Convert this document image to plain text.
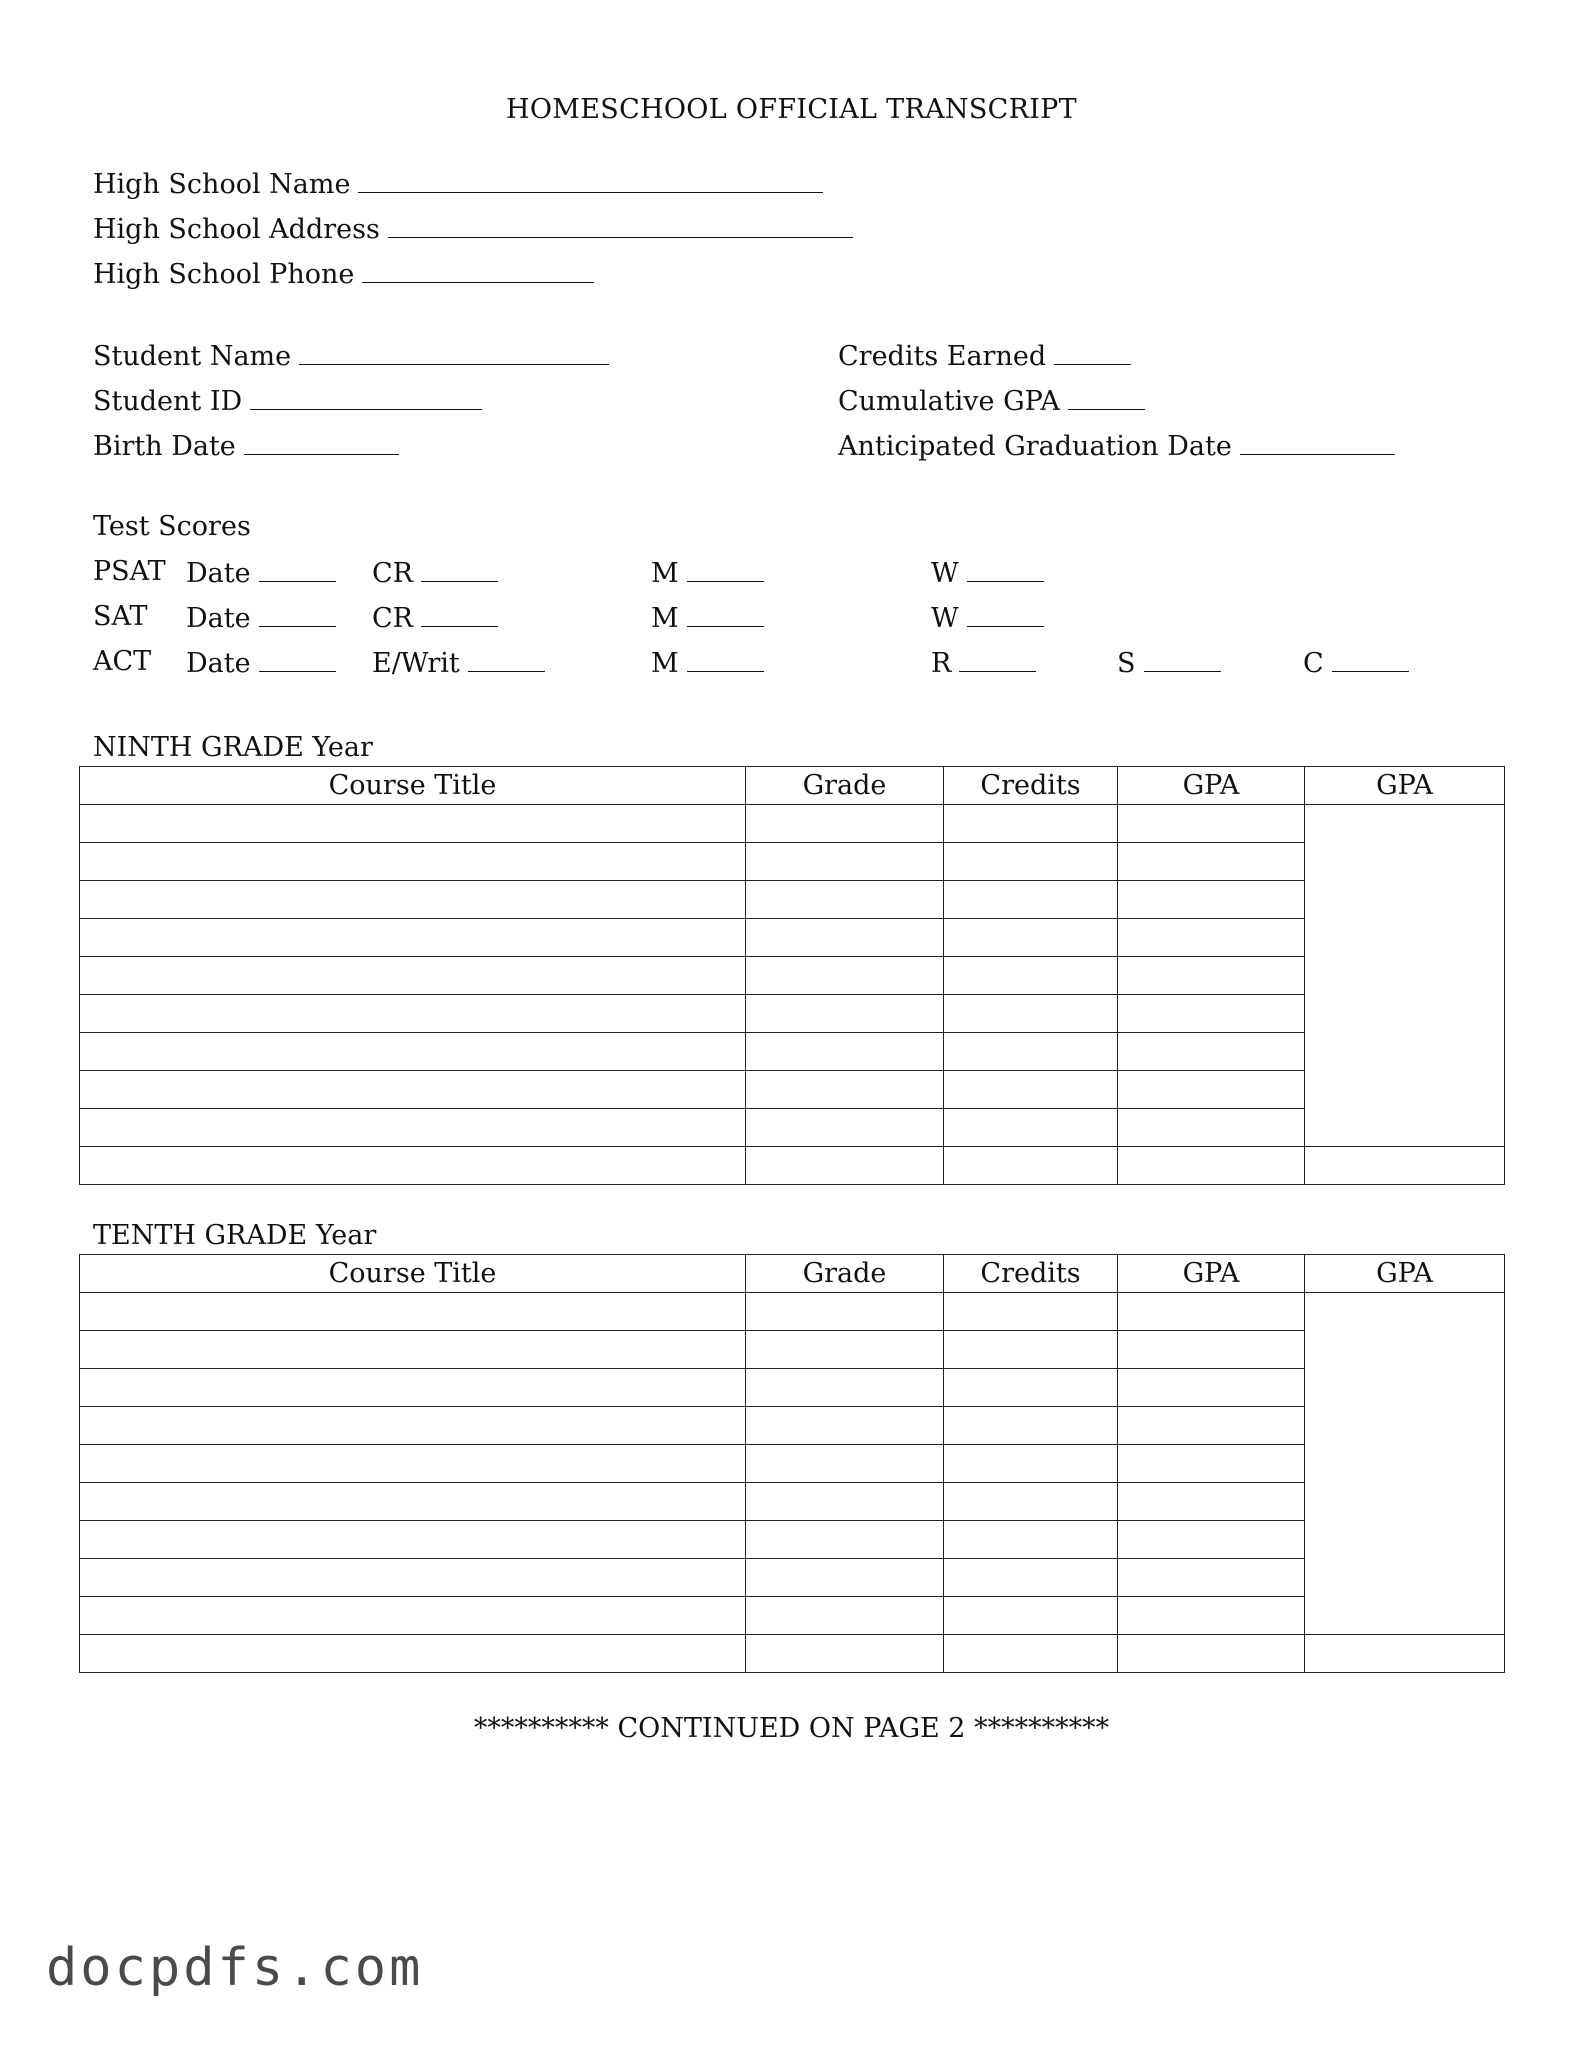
HOMESCHOOL OFFICIAL TRANSCRIPT
High School Name
High School Address
High School Phone
Student Name
Student ID
Birth Date
Credits Earned
Cumulative GPA
Anticipated Graduation Date
Test Scores
PSAT Date	CR	M	W
SAT Date	CR	M	W
ACT Date	E/Writ	M	R	S	C
NINTH GRADE Year
Course Title	Grade	Credits	GPA	GPA

TENTH GRADE Year
Course Title	Grade	Credits	GPA	GPA

********** CONTINUED ON PAGE 2 **********
docpdfs.com
